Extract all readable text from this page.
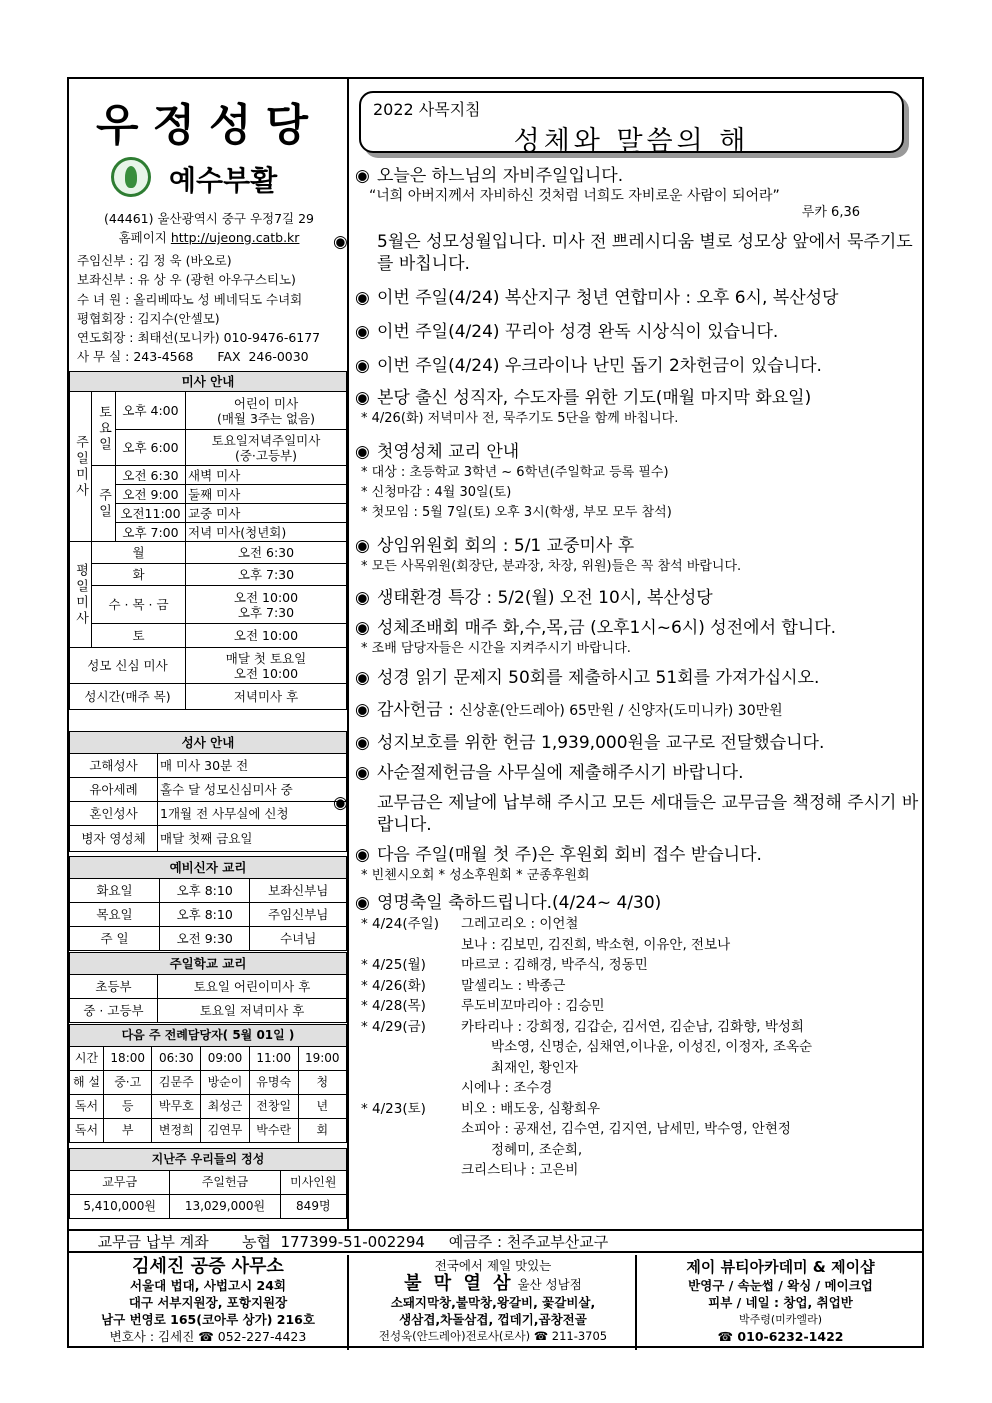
우정성당
예수부활
(44461) 울산광역시 중구 우정7길 29
홈페이지 http://ujeong.catb.kr
주임신부 : 김 정 욱 (바오로)
보좌신부 : 유 상 우 (광헌 아우구스티노)
수 녀 원 : 올리베따노 성 베네딕도 수녀회
평협회장 : 김지수(안셀모)
연도회장 : 최태선(모니카) 010-9476-6177
사 무 실 : 243-4568      FAX  246-0030
미사 안내			
주일미사	토요일	오후 4:00	어린이 미사
(매월 3주는 없음)
		오후 6:00	토요일저녁주일미사
(중·고등부)
	주일	오전 6:30	새벽 미사
		오전 9:00	둘째 미사
		오전11:00	교중 미사
		오후 7:00	저녁 미사(청년회)
평일미사	월		오전 6:30
	화		오후 7:30
	수 · 목 · 금		오전 10:00
오후 7:30
	토		오전 10:00
성모 신심 미사			매달 첫 토요일
오전 10:00
성시간(매주 목)			저녁미사 후
성사 안내	
고해성사	매 미사 30분 전
유아세례	홀수 달 성모신심미사 중
혼인성사	1개월 전 사무실에 신청
병자 영성체	매달 첫째 금요일
예비신자 교리		
화요일	오후 8:10	보좌신부님
목요일	오후 8:10	주임신부님
주 일	오전 9:30	수녀님
주일학교 교리	
초등부	토요일 어린이미사 후
중 · 고등부	토요일 저녁미사 후
다음 주 전례담당자( 5월 01일 )					
시간	18:00	06:30	09:00	11:00	19:00
해 설	중·고	김문주	방순이	유명숙	청
독서	등	박무호	최성근	전창일	년
독서	부	변정희	김연무	박수란	회
지난주 우리들의 정성		
교무금	주일헌금	미사인원
5,410,000원	13,029,000원	849명
2022 사목지침
성체와 말씀의 해
◉ 오늘은 하느님의 자비주일입니다.
“너희 아버지께서 자비하신 것처럼 너희도 자비로운 사람이 되어라”
루카 6,36
◉ 5월은 성모성월입니다. 미사 전 쁘레시디움 별로 성모상 앞에서 묵주기도를 바칩니다.
◉ 이번 주일(4/24) 복산지구 청년 연합미사 : 오후 6시, 복산성당
◉ 이번 주일(4/24) 꾸리아 성경 완독 시상식이 있습니다.
◉ 이번 주일(4/24) 우크라이나 난민 돕기 2차헌금이 있습니다.
◉ 본당 출신 성직자, 수도자를 위한 기도(매월 마지막 화요일)
* 4/26(화) 저녁미사 전, 묵주기도 5단을 함께 바칩니다.
◉ 첫영성체 교리 안내
* 대상 : 초등학교 3학년 ~ 6학년(주일학교 등록 필수)
* 신청마감 : 4월 30일(토)
* 첫모임 : 5월 7일(토) 오후 3시(학생, 부모 모두 참석)
◉ 상임위원회 회의 : 5/1 교중미사 후
* 모든 사목위원(회장단, 분과장, 차장, 위원)들은 꼭 참석 바랍니다.
◉ 생태환경 특강 : 5/2(월) 오전 10시, 복산성당
◉ 성체조배회 매주 화,수,목,금 (오후1시~6시) 성전에서 합니다.
* 조배 담당자들은 시간을 지켜주시기 바랍니다.
◉ 성경 읽기 문제지 50회를 제출하시고 51회를 가져가십시오.
◉ 감사헌금 : 신상훈(안드레아) 65만원 / 신양자(도미니카) 30만원
◉ 성지보호를 위한 헌금 1,939,000원을 교구로 전달했습니다.
◉ 사순절제헌금을 사무실에 제출해주시기 바랍니다.
◉ 교무금은 제날에 납부해 주시고 모든 세대들은 교무금을 책정해 주시기 바랍니다.
◉ 다음 주일(매월 첫 주)은 후원회 회비 접수 받습니다.
* 빈첸시오회 * 성소후원회 * 군종후원회
◉ 영명축일 축하드립니다.(4/24~ 4/30)
* 4/24(주일) 그레고리오 : 이언철
보나 : 김보민, 김진희, 박소현, 이유안, 전보나
* 4/25(월)	마르코 : 김해경, 박주식, 정동민
* 4/26(화)	말셀리노 : 박종근
* 4/28(목)	루도비꼬마리아 : 김승민
* 4/29(금)	카타리나 : 강희정, 김갑순, 김서연, 김순남, 김화향, 박성희
박소영, 신명순, 심채연,이나윤, 이성진, 이정자, 조옥순
최재인, 황인자
시에나 : 조수경
* 4/23(토)	비오 : 배도웅, 심황희우
소피아 : 공재선, 김수연, 김지연, 남세민, 박수영, 안현정
정혜미, 조순희,
크리스티나 : 고은비
교무금 납부 계좌       농협  177399-51-002294     예금주 : 천주교부산교구
김세진 공증 사무소
서울대 법대, 사법고시 24회
대구 서부지원장, 포항지원장
남구 번영로 165(코아루 상가) 216호
변호사 : 김세진 ☎ 052-227-4423
전국에서 제일 맛있는
불 막 열 삼 울산 성남점
소돼지막창,불막창,왕갈비, 꽃갈비살,
생삼겹,차돌삼겹, 껍데기,곱창전골
전성욱(안드레아)전로사(로사) ☎ 211-3705
제이 뷰티아카데미 & 제이샵
반영구 / 속눈썹 / 왁싱 / 메이크업
피부 / 네일 : 창업, 취업반
박주령(미카엘라)
☎ 010-6232-1422
